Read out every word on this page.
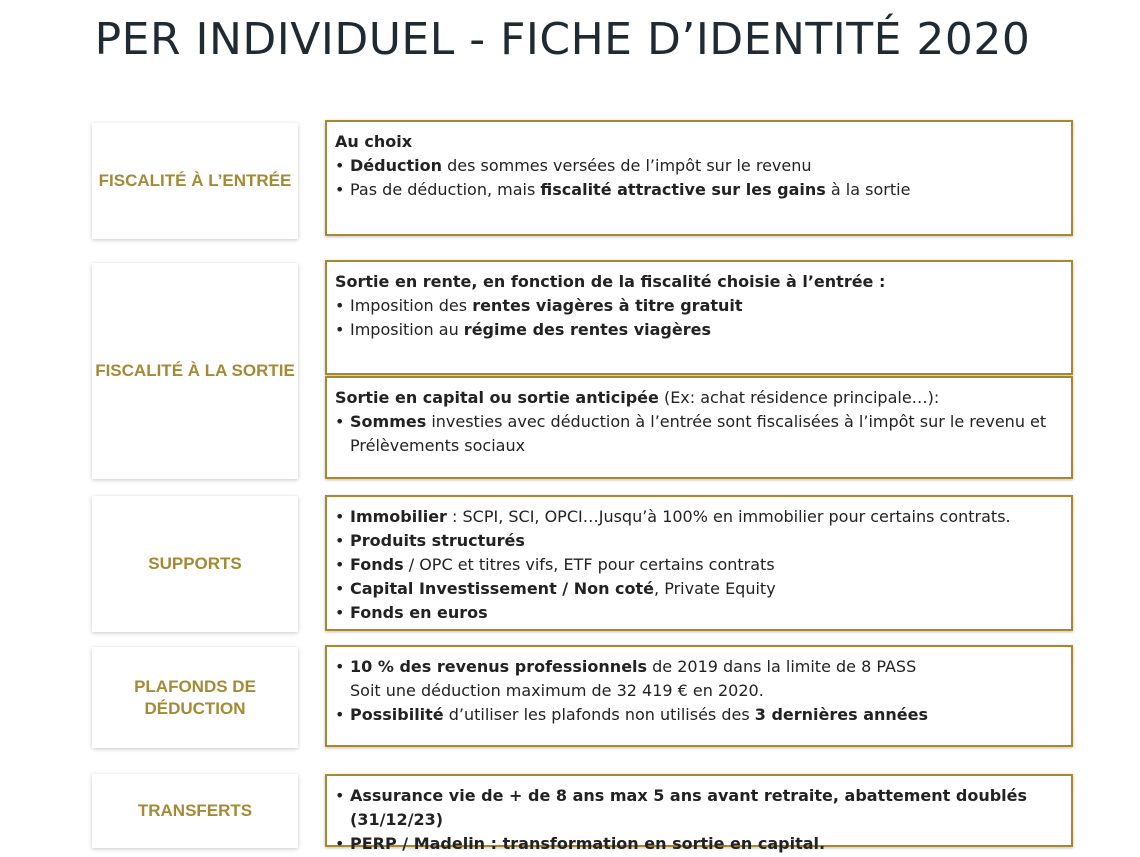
PER INDIVIDUEL - FICHE D’IDENTITÉ 2020
FISCALITÉ À L’ENTRÉE
Au choix
• Déduction des sommes versées de l’impôt sur le revenu
• Pas de déduction, mais fiscalité attractive sur les gains à la sortie
FISCALITÉ À LA SORTIE
Sortie en rente, en fonction de la fiscalité choisie à l’entrée :
• Imposition des rentes viagères à titre gratuit
• Imposition au régime des rentes viagères
Sortie en capital ou sortie anticipée (Ex: achat résidence principale…):
• Sommes investies avec déduction à l’entrée sont fiscalisées à l’impôt sur le revenu et Prélèvements sociaux
SUPPORTS
• Immobilier : SCPI, SCI, OPCI…Jusqu’à 100% en immobilier pour certains contrats.
• Produits structurés
• Fonds / OPC et titres vifs, ETF pour certains contrats
• Capital Investissement / Non coté, Private Equity
• Fonds en euros
PLAFONDS DE
DÉDUCTION
• 10 % des revenus professionnels de 2019 dans la limite de 8 PASS
Soit une déduction maximum de 32 419 € en 2020.
• Possibilité d’utiliser les plafonds non utilisés des 3 dernières années
TRANSFERTS
• Assurance vie de + de 8 ans max 5 ans avant retraite, abattement doublés (31/12/23)
• PERP / Madelin : transformation en sortie en capital.
